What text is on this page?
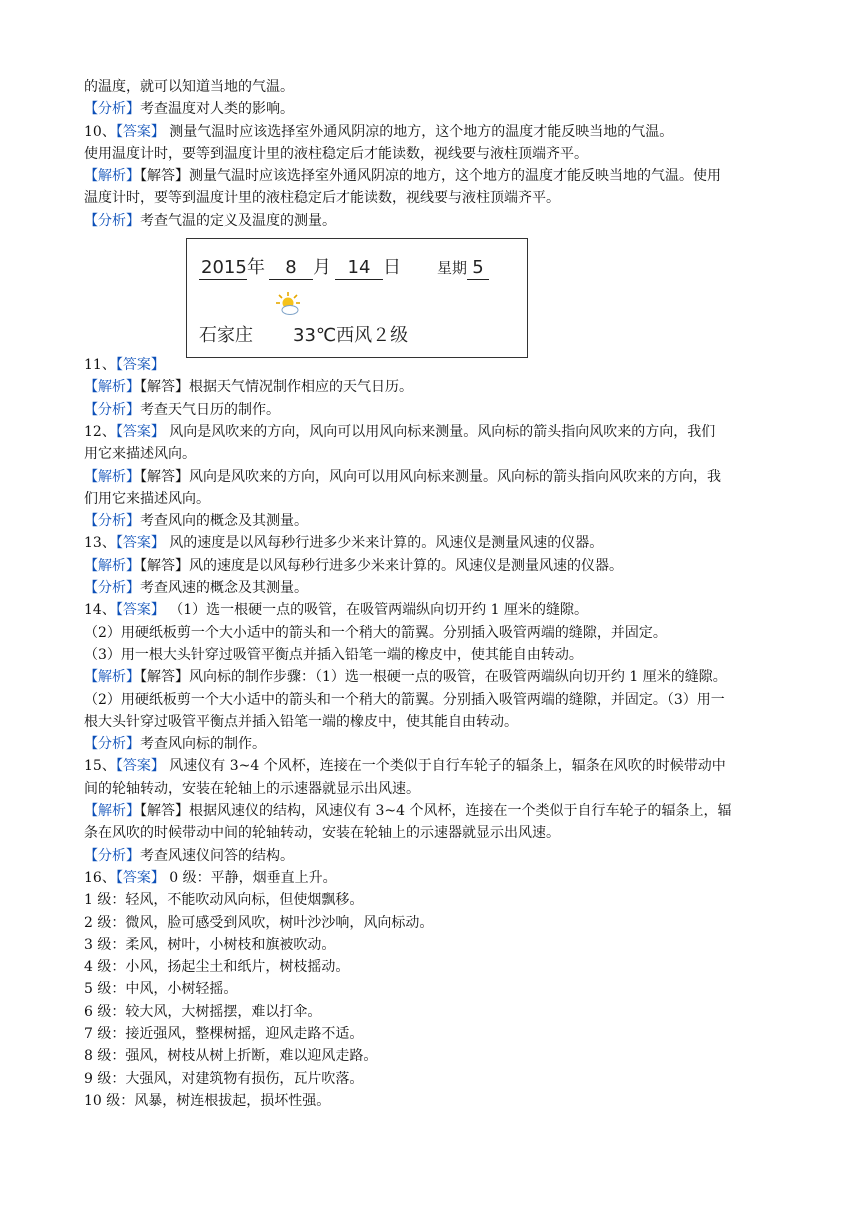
的温度，就可以知道当地的气温。
【分析】考查温度对人类的影响。
10、【答案】 测量气温时应该选择室外通风阴凉的地方，这个地方的温度才能反映当地的气温。
使用温度计时，要等到温度计里的液柱稳定后才能读数，视线要与液柱顶端齐平。
【解析】【解答】测量气温时应该选择室外通风阴凉的地方，这个地方的温度才能反映当地的气温。使用
温度计时，要等到温度计里的液柱稳定后才能读数，视线要与液柱顶端齐平。
【分析】考查气温的定义及温度的测量。
2015年 8 月 14 日 星期 5
石家庄 33℃西风２级
11、【答案】
【解析】【解答】根据天气情况制作相应的天气日历。
【分析】考查天气日历的制作。
12、【答案】 风向是风吹来的方向，风向可以用风向标来测量。风向标的箭头指向风吹来的方向，我们
用它来描述风向。
【解析】【解答】风向是风吹来的方向，风向可以用风向标来测量。风向标的箭头指向风吹来的方向，我
们用它来描述风向。
【分析】考查风向的概念及其测量。
13、【答案】 风的速度是以风每秒行进多少米来计算的。风速仪是测量风速的仪器。
【解析】【解答】风的速度是以风每秒行进多少米来计算的。风速仪是测量风速的仪器。
【分析】考查风速的概念及其测量。
14、【答案】 （1）选一根硬一点的吸管，在吸管两端纵向切开约 1 厘米的缝隙。
（2）用硬纸板剪一个大小适中的箭头和一个稍大的箭翼。分别插入吸管两端的缝隙，并固定。
（3）用一根大头针穿过吸管平衡点并插入铅笔一端的橡皮中，使其能自由转动。
【解析】【解答】风向标的制作步骤：（1）选一根硬一点的吸管，在吸管两端纵向切开约 1 厘米的缝隙。
（2）用硬纸板剪一个大小适中的箭头和一个稍大的箭翼。分别插入吸管两端的缝隙，并固定。（3）用一
根大头针穿过吸管平衡点并插入铅笔一端的橡皮中，使其能自由转动。
【分析】考查风向标的制作。
15、【答案】 风速仪有 3~4 个风杯，连接在一个类似于自行车轮子的辐条上，辐条在风吹的时候带动中
间的轮轴转动，安装在轮轴上的示速器就显示出风速。
【解析】【解答】根据风速仪的结构，风速仪有 3~4 个风杯，连接在一个类似于自行车轮子的辐条上，辐
条在风吹的时候带动中间的轮轴转动，安装在轮轴上的示速器就显示出风速。
【分析】考查风速仪问答的结构。
16、【答案】 0 级：平静，烟垂直上升。
1 级：轻风，不能吹动风向标，但使烟飘移。
2 级：微风，脸可感受到风吹，树叶沙沙响，风向标动。
3 级：柔风，树叶，小树枝和旗被吹动。
4 级：小风，扬起尘土和纸片，树枝摇动。
5 级：中风，小树轻摇。
6 级：较大风，大树摇摆，难以打伞。
7 级：接近强风，整棵树摇，迎风走路不适。
8 级：强风，树枝从树上折断，难以迎风走路。
9 级：大强风，对建筑物有损伤，瓦片吹落。
10 级：风暴，树连根拔起，损坏性强。
